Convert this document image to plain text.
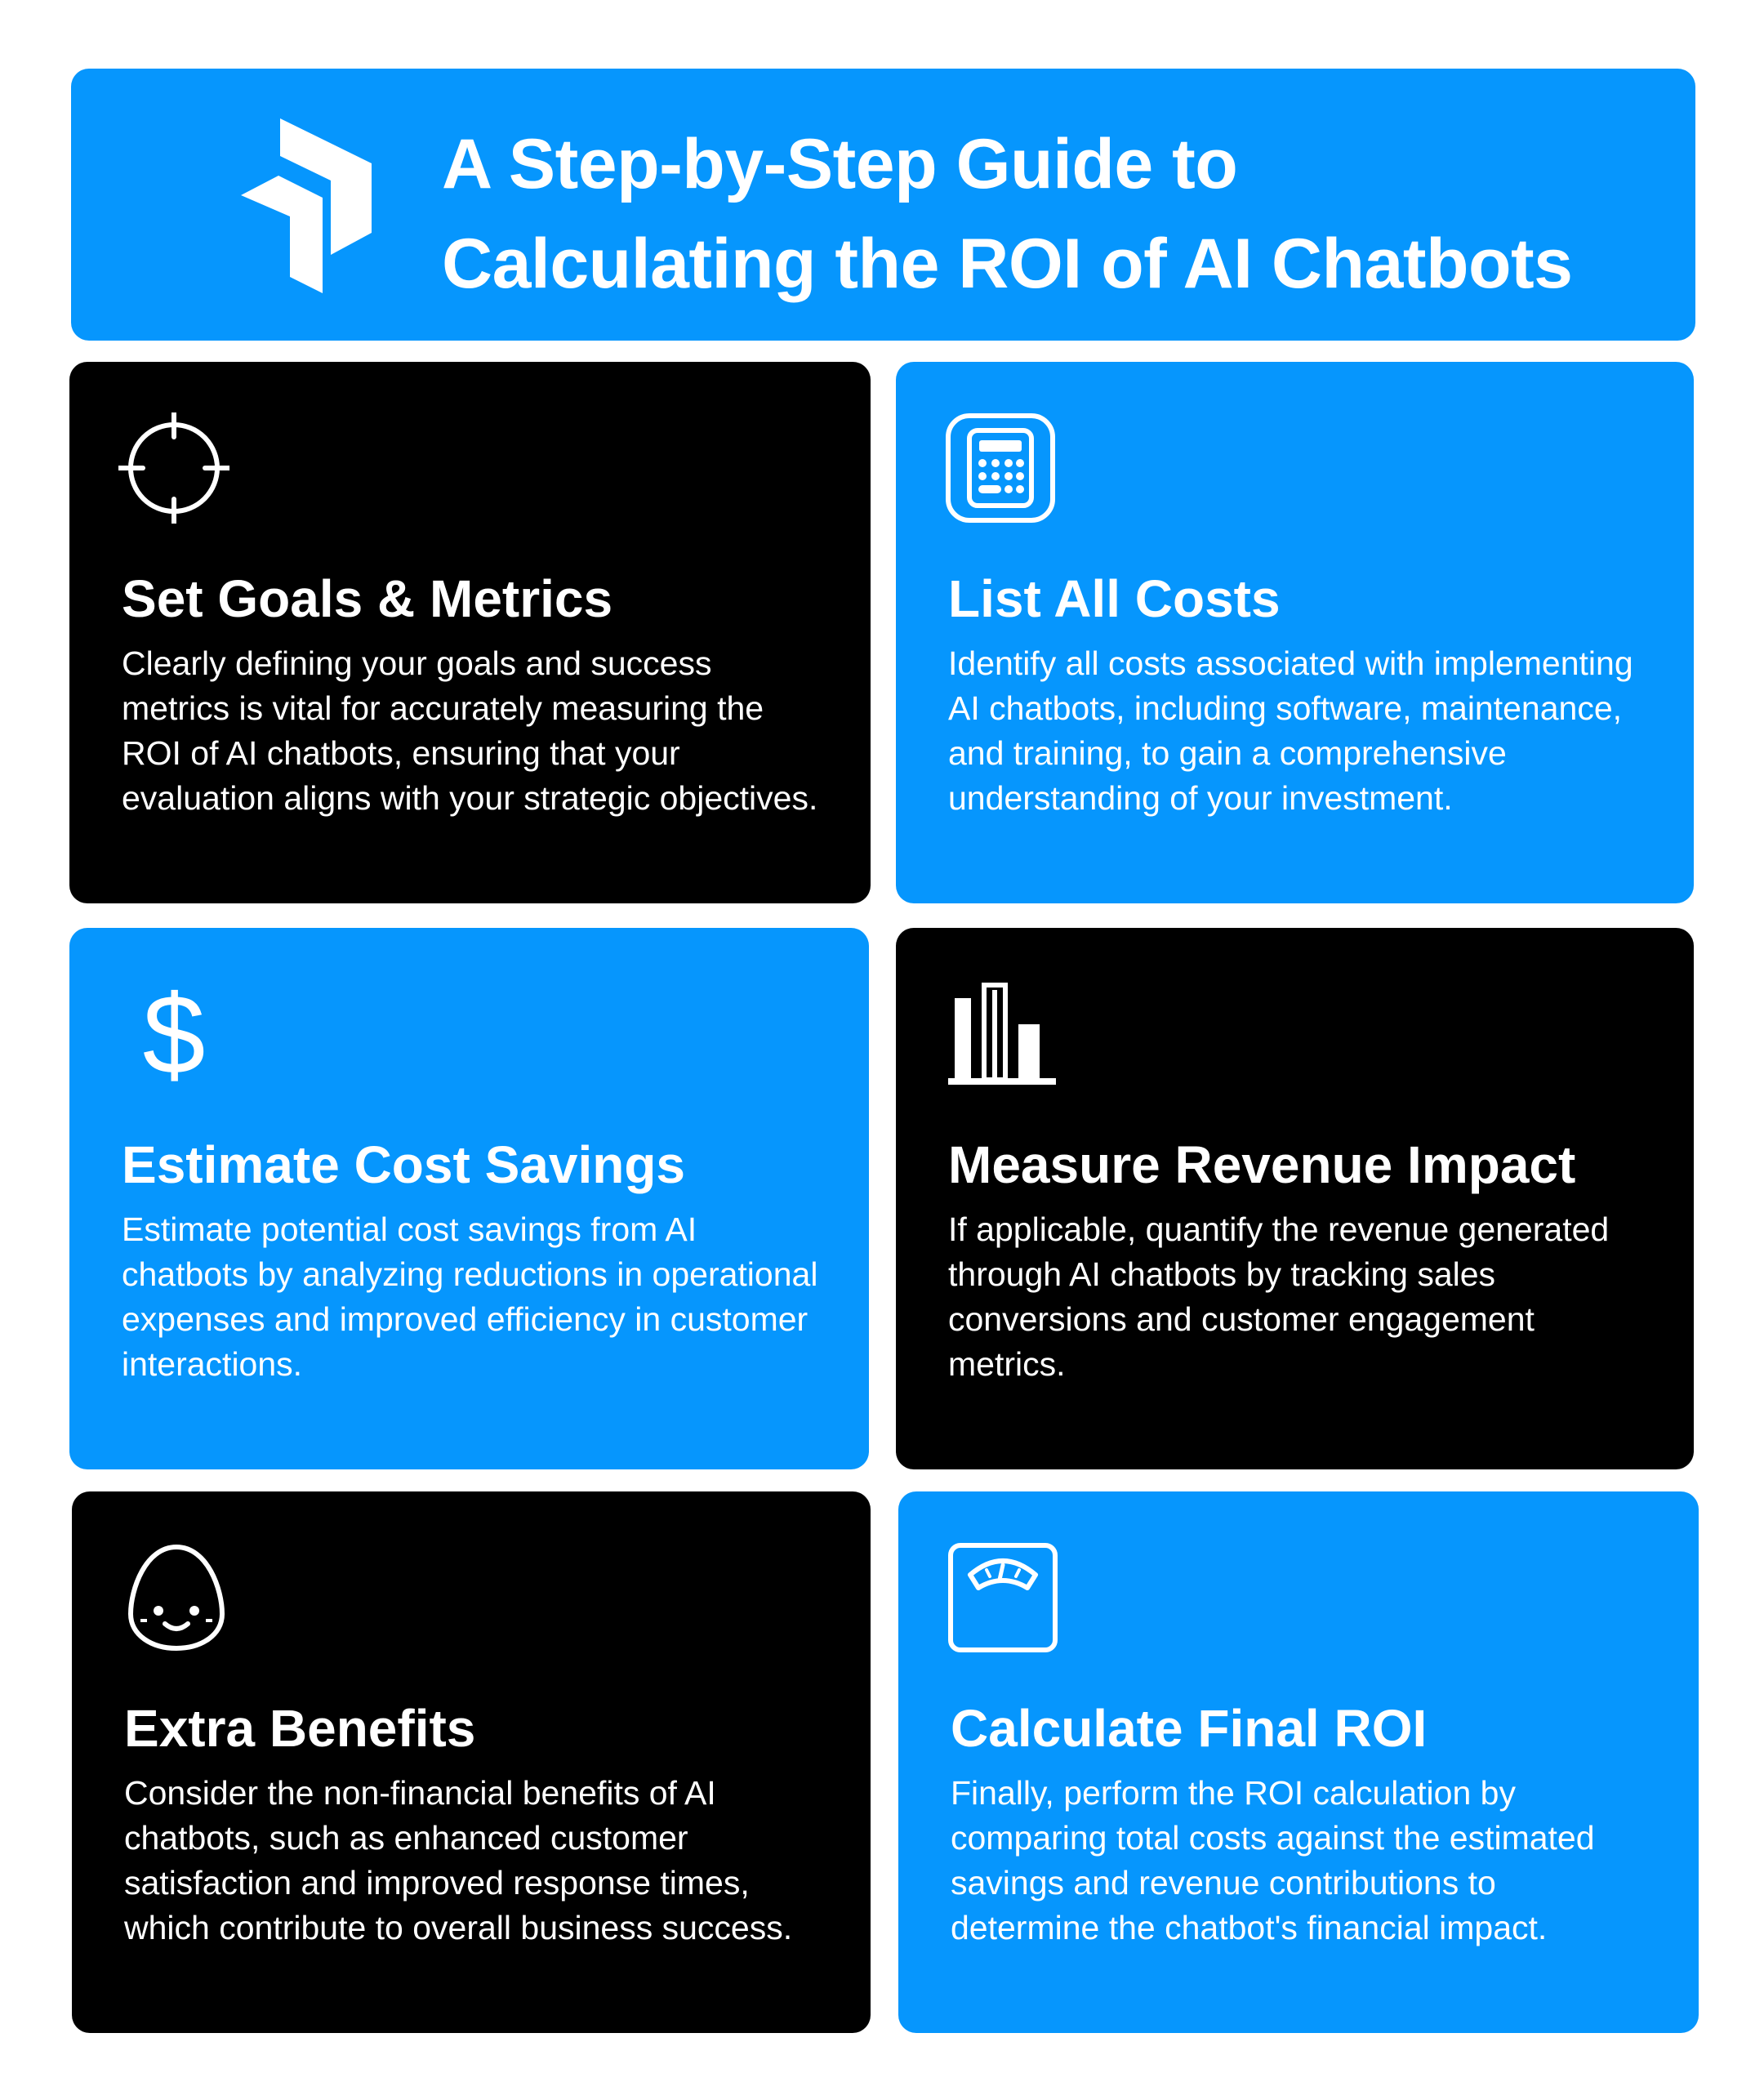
A Step-by-Step Guide to
Calculating the ROI of AI Chatbots
Set Goals & Metrics

Clearly defining your goals and success metrics is vital for accurately measuring the ROI of AI chatbots, ensuring that your evaluation aligns with your strategic objectives.

List All Costs

Identify all costs associated with implementing AI chatbots, including software, maintenance, and training, to gain a comprehensive understanding of your investment.

$
Estimate Cost Savings

Estimate potential cost savings from AI chatbots by analyzing reductions in operational expenses and improved efficiency in customer interactions.

Measure Revenue Impact

If applicable, quantify the revenue generated through AI chatbots by tracking sales conversions and customer engagement metrics.

Extra Benefits

Consider the non-financial benefits of AI chatbots, such as enhanced customer satisfaction and improved response times, which contribute to overall business success.

Calculate Final ROI

Finally, perform the ROI calculation by comparing total costs against the estimated savings and revenue contributions to determine the chatbot's financial impact.
